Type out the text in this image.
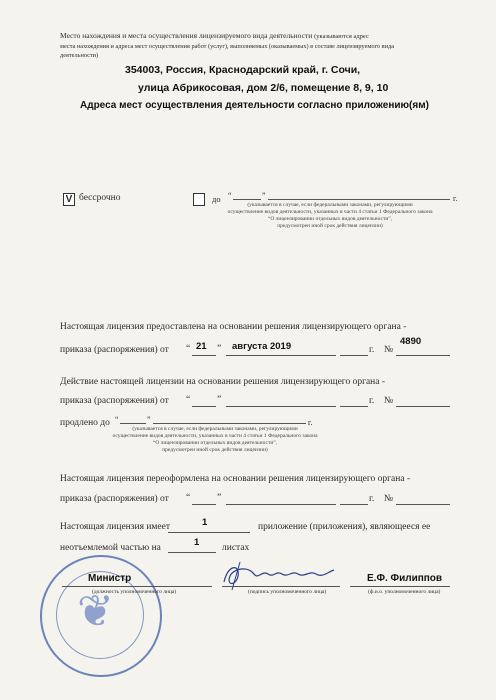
Место нахождения и места осуществления лицензируемого вида деятельности (указываются адрес
места нахождения и адреса мест осуществления работ (услуг), выполняемых (оказываемых) в составе лицензируемого вида
деятельности)
354003, Россия, Краснодарский край, г. Сочи,
улица Абрикосовая, дом 2/6, помещение 8, 9, 10
Адреса мест осуществления деятельности согласно приложению(ям)
V бессрочно	до “	”	г.
(указывается в случае, если федеральными законами, регулирующими
осуществление видов деятельности, указанных в части 4 статьи 1 Федерального закона
“О лицензировании отдельных видов деятельности”,
предусмотрен иной срок действия лицензии)
Настоящая лицензия предоставлена на основании решения лицензирующего органа -
приказа (распоряжения) от “ 21 ” августа 2019	г. №
4890
Действие настоящей лицензии на основании решения лицензирующего органа -
приказа (распоряжения) от “	”	г. №
продлено до “	”	г.
(указывается в случае, если федеральными законами, регулирующими
осуществление видов деятельности, указанных в части 4 статьи 1 Федерального закона
“О лицензировании отдельных видов деятельности”,
предусмотрен иной срок действия лицензии)
Настоящая лицензия переоформлена на основании решения лицензирующего органа -
приказа (распоряжения) от “	”	г. №
Настоящая лицензия имеет	1	приложение (приложения), являющееся ее
неотъемлемой частью на	1 листах
❦
Министр
(должность уполномоченного лица)	(подпись уполномоченного лица)
Е.Ф. Филиппов
(ф.и.о. уполномоченного лица)
